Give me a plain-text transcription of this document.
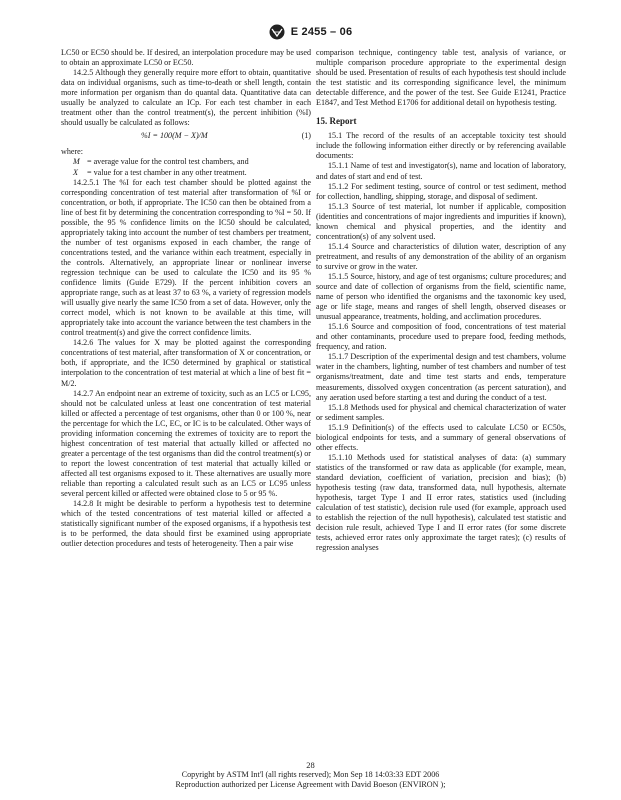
E 2455 – 06

LC50 or EC50 should be. If desired, an interpolation procedure may be used to obtain an approximate LC50 or EC50.

14.2.5 Although they generally require more effort to obtain, quantitative data on individual organisms, such as time-to-death or shell length, contain more information per organism than do quantal data. Quantitative data can usually be analyzed to calculate an ICp. For each test chamber in each treatment other than the control treatment(s), the percent inhibition (%I) should usually be calculated as follows:

%I = 100(M − X)/M	(1)

where:

M = average value for the control test chambers, and
X	= value for a test chamber in any other treatment.

14.2.5.1 The %I for each test chamber should be plotted against the corresponding concentration of test material after transformation of %I or concentration, or both, if appropriate. The IC50 can then be obtained from a line of best fit by determining the concentration corresponding to %I = 50. If possible, the 95 % confidence limits on the IC50 should be calculated, appropriately taking into account the number of test chambers per treatment, the number of test organisms exposed in each chamber, the range of concentrations tested, and the variance within each treatment, especially in the controls. Alternatively, an appropriate linear or nonlinear inverse regression technique can be used to calculate the IC50 and its 95 % confidence limits (Guide E729). If the percent inhibition covers an appropriate range, such as at least 37 to 63 %, a variety of regression models will usually give nearly the same IC50 from a set of data. However, only the correct model, which is not known to be available at this time, will appropriately take into account the variance between the test chambers in the control treatment(s) and give the correct confidence limits.

14.2.6 The values for X may be plotted against the corresponding concentrations of test material, after transformation of X or concentration, or both, if appropriate, and the IC50 determined by graphical or statistical interpolation to the concentration of test material at which a line of best fit = M/2.

14.2.7 An endpoint near an extreme of toxicity, such as an LC5 or LC95, should not be calculated unless at least one concentration of test material killed or affected a percentage of test organisms, other than 0 or 100 %, near the percentage for which the LC, EC, or IC is to be calculated. Other ways of providing information concerning the extremes of toxicity are to report the highest concentration of test material that actually killed or affected no greater a percentage of the test organisms than did the control treatment(s) or to report the lowest concentration of test material that actually killed or affected all test organisms exposed to it. These alternatives are usually more reliable than reporting a calculated result such as an LC5 or LC95 unless several percent killed or affected were obtained close to 5 or 95 %.

14.2.8 It might be desirable to perform a hypothesis test to determine which of the tested concentrations of test material killed or affected a statistically significant number of the exposed organisms, if a hypothesis test is to be performed, the data should first be examined using appropriate outlier detection procedures and tests of heterogeneity. Then a pair wise

comparison technique, contingency table test, analysis of variance, or multiple comparison procedure appropriate to the experimental design should be used. Presentation of results of each hypothesis test should include the test statistic and its corresponding significance level, the minimum detectable difference, and the power of the test. See Guide E1241, Practice E1847, and Test Method E1706 for additional detail on hypothesis testing.

15. Report

15.1 The record of the results of an acceptable toxicity test should include the following information either directly or by referencing available documents:

15.1.1 Name of test and investigator(s), name and location of laboratory, and dates of start and end of test.

15.1.2 For sediment testing, source of control or test sediment, method for collection, handling, shipping, storage, and disposal of sediment.

15.1.3 Source of test material, lot number if applicable, composition (identities and concentrations of major ingredients and impurities if known), known chemical and physical properties, and the identity and concentration(s) of any solvent used.

15.1.4 Source and characteristics of dilution water, description of any pretreatment, and results of any demonstration of the ability of an organism to survive or grow in the water.

15.1.5 Source, history, and age of test organisms; culture procedures; and source and date of collection of organisms from the field, scientific name, name of person who identified the organisms and the taxonomic key used, age or life stage, means and ranges of shell length, observed diseases or unusual appearance, treatments, holding, and acclimation procedures.

15.1.6 Source and composition of food, concentrations of test material and other contaminants, procedure used to prepare food, feeding methods, frequency, and ration.

15.1.7 Description of the experimental design and test chambers, volume water in the chambers, lighting, number of test chambers and number of test organisms/treatment, date and time test starts and ends, temperature measurements, dissolved oxygen concentration (as percent saturation), and any aeration used before starting a test and during the conduct of a test.

15.1.8 Methods used for physical and chemical characterization of water or sediment samples.

15.1.9 Definition(s) of the effects used to calculate LC50 or EC50s, biological endpoints for tests, and a summary of general observations of other effects.

15.1.10 Methods used for statistical analyses of data: (a) summary statistics of the transformed or raw data as applicable (for example, mean, standard deviation, coefficient of variation, precision and bias); (b) hypothesis testing (raw data, transformed data, null hypothesis, alternate hypothesis, target Type I and II error rates, statistics used (including calculation of test statistic), decision rule used (for example, approach used to establish the rejection of the null hypothesis), calculated test statistic and decision rule result, achieved Type I and II error rates (for some discrete tests, achieved error rates only approximate the target rates); (c) results of regression analyses

28
Copyright by ASTM Int'l (all rights reserved); Mon Sep 18 14:03:33 EDT 2006
Reproduction authorized per License Agreement with David Boeson (ENVIRON );
